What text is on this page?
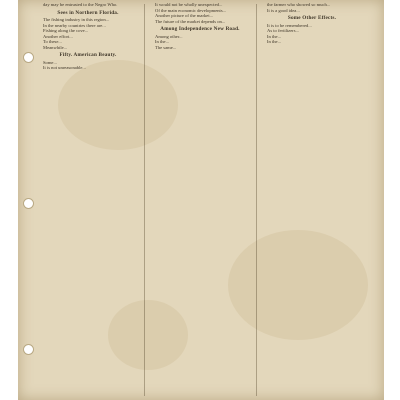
day may be entrusted to the Negro Who.

Sees in Northern Florida.

The fishing industry in this region...

In the nearby countries there are...

Fishing along the cove...

Another effort...

To these...

Meanwhile...

Fifty. American Beauty.

Some...

It is not unreasonable...

It would not be wholly unexpected...

Of the main economic developments...

Another picture of the market...

The future of the market depends on...

Among Independence New Road.

Among other...

In the...

The same...

the farmer who showed so much...

It is a good idea...

Some Other Effects.

It is to be remembered...

As to fertilizers...

In the...

In the...
